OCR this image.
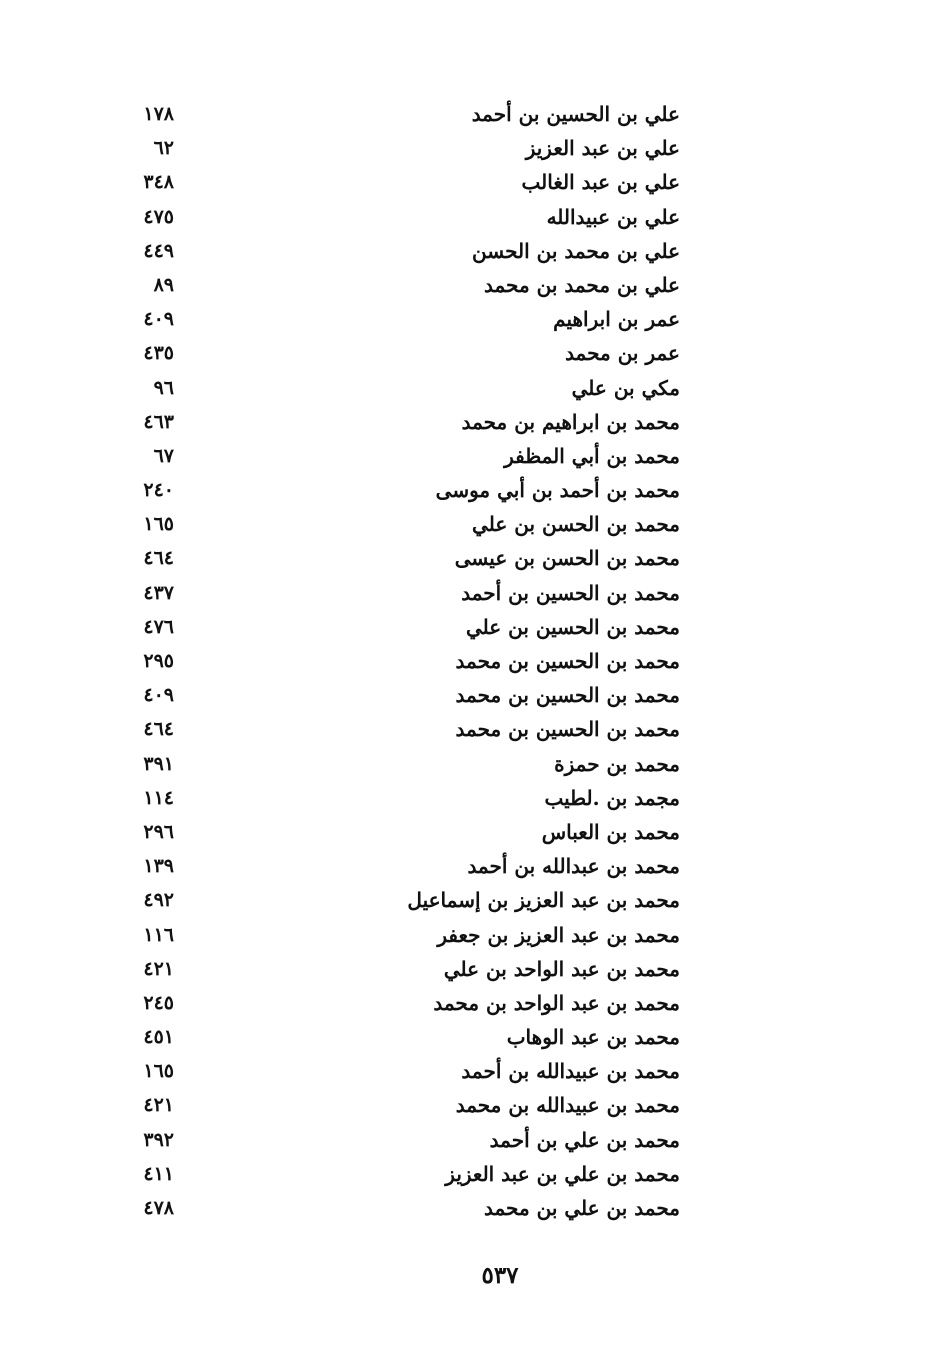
علي بن الحسين بن أحمد
١٧٨
علي بن عبد العزيز
٦٢
علي بن عبد الغالب
٣٤٨
علي بن عبيدالله
٤٧٥
علي بن محمد بن الحسن
٤٤٩
علي بن محمد بن محمد
٨٩
عمر بن ابراهيم
٤٠٩
عمر بن محمد
٤٣٥
مكي بن علي
٩٦
محمد بن ابراهيم بن محمد
٤٦٣
محمد بن أبي المظفر
٦٧
محمد بن أحمد بن أبي موسى
٢٤٠
محمد بن الحسن بن علي
١٦٥
محمد بن الحسن بن عيسى
٤٦٤
محمد بن الحسين بن أحمد
٤٣٧
محمد بن الحسين بن علي
٤٧٦
محمد بن الحسين بن محمد
٢٩٥
محمد بن الحسين بن محمد
٤٠٩
محمد بن الحسين بن محمد
٤٦٤
محمد بن حمزة
٣٩١
مجمد بن .لطيب
١١٤
محمد بن العباس
٢٩٦
محمد بن عبدالله بن أحمد
١٣٩
محمد بن عبد العزيز بن إسماعيل
٤٩٢
محمد بن عبد العزيز بن جعفر
١١٦
محمد بن عبد الواحد بن علي
٤٢١
محمد بن عبد الواحد بن محمد
٢٤٥
محمد بن عبد الوهاب
٤٥١
محمد بن عبيدالله بن أحمد
١٦٥
محمد بن عبيدالله بن محمد
٤٢١
محمد بن علي بن أحمد
٣٩٢
محمد بن علي بن عبد العزيز
٤١١
محمد بن علي بن محمد
٤٧٨
٥٣٧
